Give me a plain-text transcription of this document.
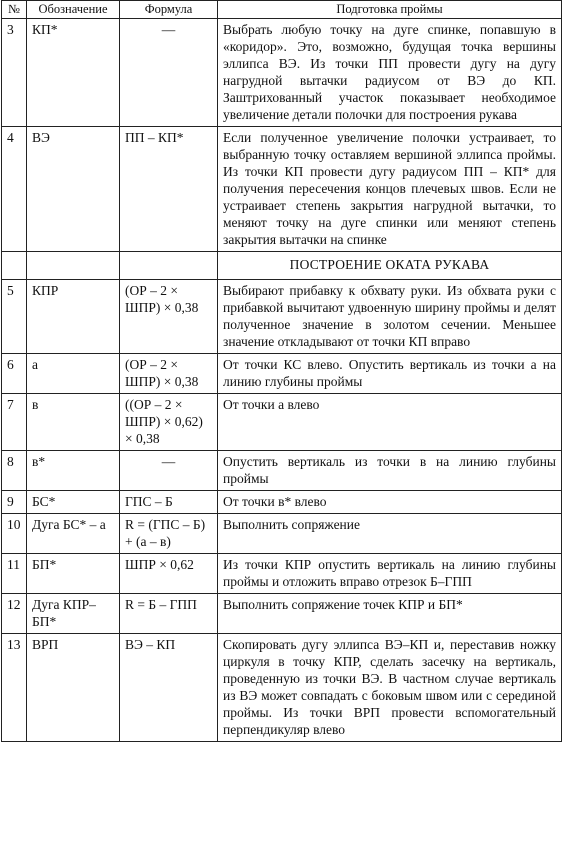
№	Обозначение	Формула	Подготовка проймы
3	КП*	—	Выбрать любую точку на дуге спинке, попавшую в «коридор». Это, возможно, будущая точка вершины эллипса ВЭ. Из точки ПП провести дугу на дугу нагрудной вытачки радиусом от ВЭ до КП. Заштрихованный участок показывает необходимое увеличение детали полочки для построения рукава
4	ВЭ	ПП – КП*	Если полученное увеличение полочки устраивает, то выбранную точку оставляем вершиной эллипса проймы. Из точки КП провести дугу радиусом ПП – КП* для получения пересечения концов плечевых швов. Если не устраивает степень закрытия нагрудной вытачки, то меняют точку на дуге спинки или меняют степень закрытия вытачки на спинке
			ПОСТРОЕНИЕ ОКАТА РУКАВА
5	КПР	(ОР – 2 × ШПР) × 0,38	Выбирают прибавку к обхвату руки. Из обхвата руки с прибавкой вычитают удвоенную ширину проймы и делят полученное значение в золотом сечении. Меньшее значение откладывают от точки КП вправо
6	а	(ОР – 2 × ШПР) × 0,38	От точки КС влево. Опустить вертикаль из точки а на линию глубины проймы
7	в	((ОР – 2 × ШПР) × 0,62) × 0,38	От точки а влево
8	в*	—	Опустить вертикаль из точки в на линию глубины проймы
9	БС*	ГПС – Б	От точки в* влево
10	Дуга БС* – а	R = (ГПС – Б) + (а – в)	Выполнить сопряжение
11	БП*	ШПР × 0,62	Из точки КПР опустить вертикаль на линию глубины проймы и отложить вправо отрезок Б–ГПП
12	Дуга КПР–БП*	R = Б – ГПП	Выполнить сопряжение точек КПР и БП*
13	ВРП	ВЭ – КП	Скопировать дугу эллипса ВЭ–КП и, переставив ножку циркуля в точку КПР, сделать засечку на вертикаль, проведенную из точки ВЭ. В частном случае вертикаль из ВЭ может совпадать с боковым швом или с серединой проймы. Из точки ВРП провести вспомогательный перпендикуляр влево
